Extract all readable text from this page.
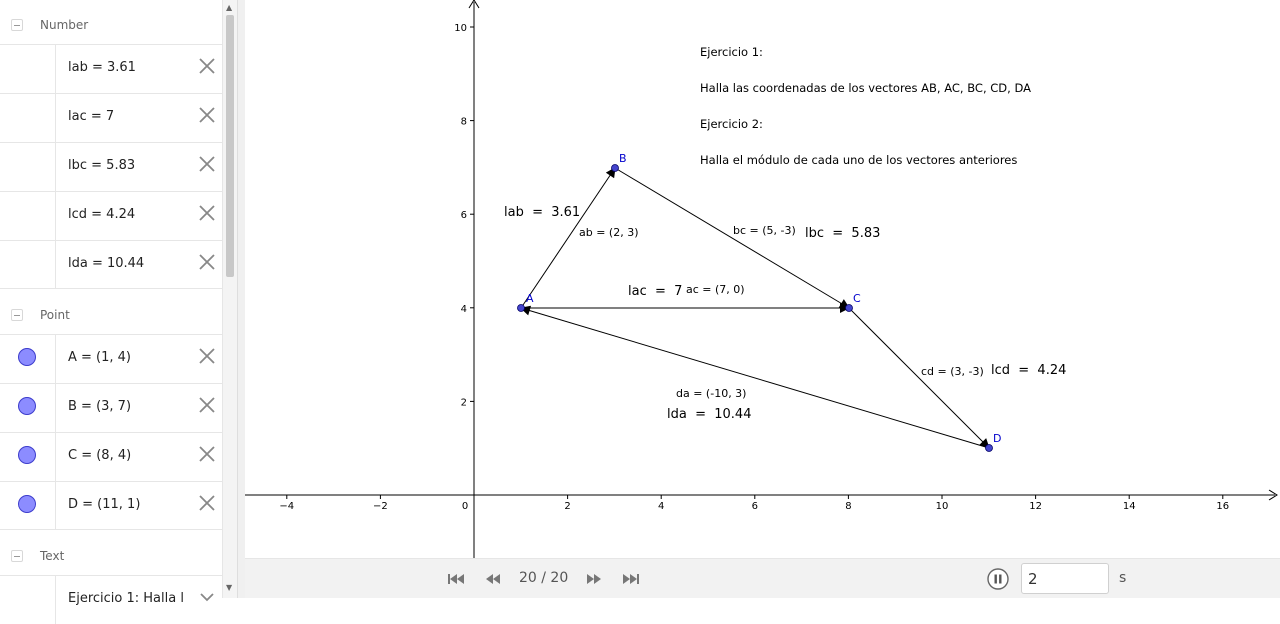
Number
lab = 3.61
lac = 7
lbc = 5.83
lcd = 4.24
lda = 10.44
Point
A = (1, 4)
B = (3, 7)
C = (8, 4)
D = (11, 1)
Text
Ejercicio 1: Halla l
▲
▼
−4	−2	0	2	4	6	8	10	12	14	16
2
4
6
8
10
A
B
C
D
ab = (2, 3)	bc = (5, -3)
ac = (7, 0)
cd = (3, -3)
da = (-10, 3)
lab  =  3.61
lbc  =  5.83
lac  =  7
lcd  =  4.24
lda  =  10.44
Ejercicio 1:
Halla las coordenadas de los vectores AB, AC, BC, CD, DA
Ejercicio 2:
Halla el módulo de cada uno de los vectores anteriores
20 / 20
2	s
